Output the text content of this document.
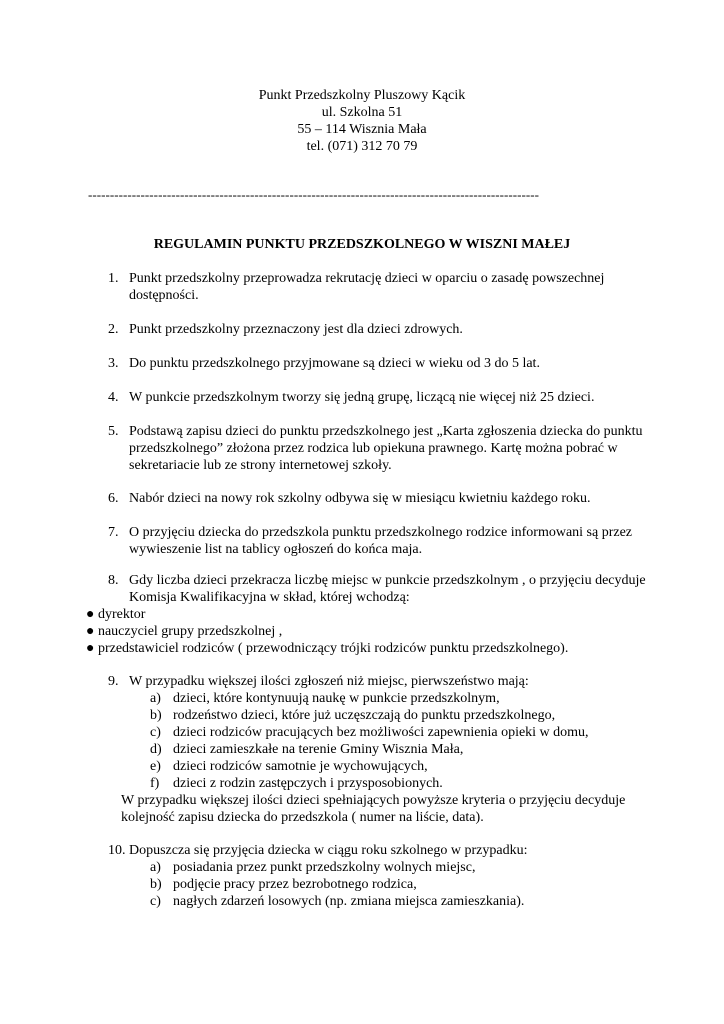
Punkt Przedszkolny Pluszowy Kącik
ul. Szkolna 51
55 – 114 Wisznia Mała
tel. (071) 312 70 79
-------------------------------------------------------------------------------------------------------
REGULAMIN PUNKTU PRZEDSZKOLNEGO W WISZNI MAŁEJ
1. Punkt przedszkolny przeprowadza rekrutację dzieci w oparciu o zasadę powszechnej dostępności.
2. Punkt przedszkolny przeznaczony jest dla dzieci zdrowych.
3. Do punktu przedszkolnego przyjmowane są dzieci w wieku od 3 do 5 lat.
4. W punkcie przedszkolnym tworzy się jedną grupę, liczącą nie więcej niż 25 dzieci.
5. Podstawą zapisu dzieci do punktu przedszkolnego jest „Karta zgłoszenia dziecka do punktu przedszkolnego” złożona przez rodzica lub opiekuna prawnego. Kartę można pobrać w sekretariacie lub ze strony internetowej szkoły.
6. Nabór dzieci na nowy rok szkolny odbywa się w miesiącu kwietniu każdego roku.
7. O przyjęciu dziecka do przedszkola punktu przedszkolnego rodzice informowani są przez wywieszenie list na tablicy ogłoszeń do końca maja.
8. Gdy liczba dzieci przekracza liczbę miejsc w punkcie przedszkolnym , o przyjęciu decyduje Komisja Kwalifikacyjna w skład, której wchodzą:
● dyrektor
● nauczyciel grupy przedszkolnej ,
● przedstawiciel rodziców ( przewodniczący trójki rodziców punktu przedszkolnego).
9. W przypadku większej ilości zgłoszeń niż miejsc, pierwszeństwo mają:
a) dzieci, które kontynuują naukę w punkcie przedszkolnym,
b) rodzeństwo dzieci, które już uczęszczają do punktu przedszkolnego,
c) dzieci rodziców pracujących bez możliwości zapewnienia opieki w domu,
d) dzieci zamieszkałe na terenie Gminy Wisznia Mała,
e) dzieci rodziców samotnie je wychowujących,
f) dzieci z rodzin zastępczych i przysposobionych.
W przypadku większej ilości dzieci spełniających powyższe kryteria o przyjęciu decyduje kolejność zapisu dziecka do przedszkola ( numer na liście, data).
10. Dopuszcza się przyjęcia dziecka w ciągu roku szkolnego w przypadku:
a) posiadania przez punkt przedszkolny wolnych miejsc,
b) podjęcie pracy przez bezrobotnego rodzica,
c) nagłych zdarzeń losowych (np. zmiana miejsca zamieszkania).
